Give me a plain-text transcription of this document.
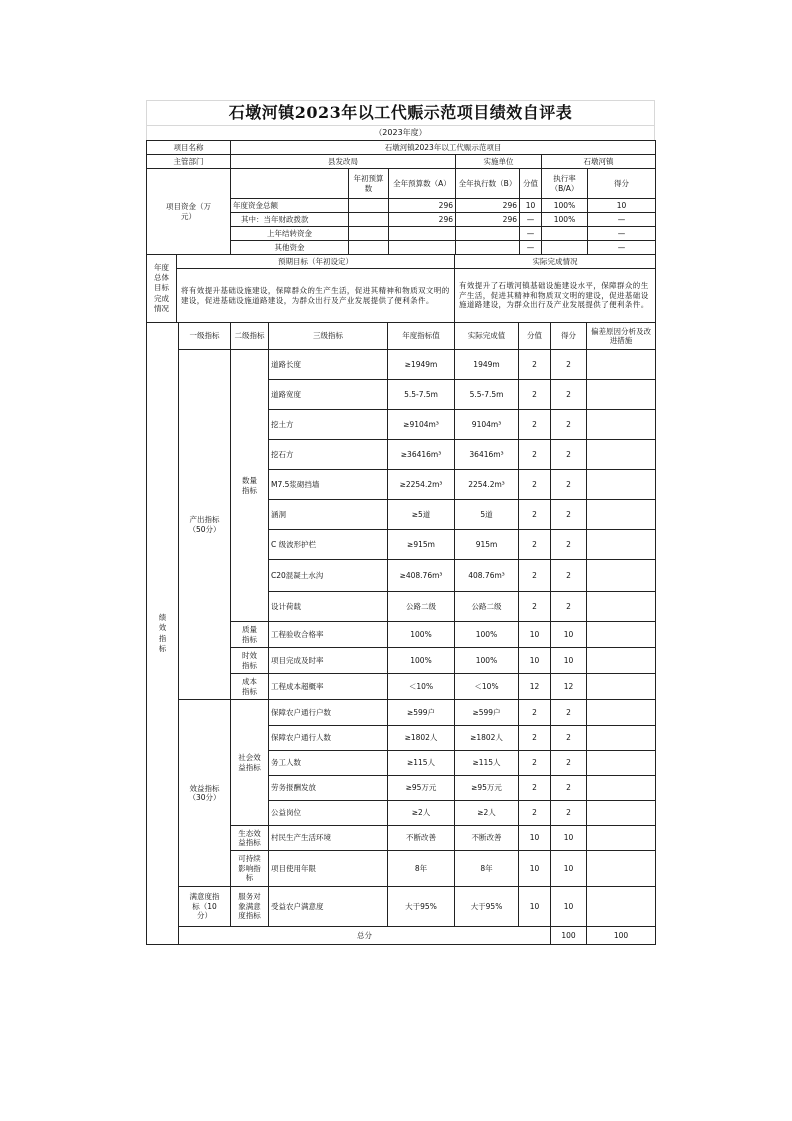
石墩河镇2023年以工代赈示范项目绩效自评表
（2023年度）
项目名称	石墩河镇2023年以工代赈示范项目						
主管部门	县发改局			实施单位		石墩河镇	
项目资金（万元）		年初预算数	全年预算数（A）	全年执行数（B）	分值	执行率（B/A）	得分
	年度资金总额		296	296	10	100%	10
	其中：当年财政拨款		296	296	—	100%	—
	上年结转资金				—		—
	其他资金				—		—
年度总体目标完成情况	预期目标（年初设定）	实际完成情况
	将有效提升基础设施建设，保障群众的生产生活，促进其精神和物质双文明的建设，促进基础设施道路建设，为群众出行及产业发展提供了便利条件。	有效提升了石墩河镇基础设施建设水平，保障群众的生产生活，促进其精神和物质双文明的建设，促进基础设施道路建设，为群众出行及产业发展提供了便利条件。
绩效指标	一级指标	二级指标	三级指标	年度指标值	实际完成值	分值	得分	偏差原因分析及改进措施	
	产出指标（50分）	数量指标	道路长度	≥1949m	1949m	2	2		
			道路宽度	5.5-7.5m	5.5-7.5m	2	2		
			挖土方	≥9104m³	9104m³	2	2		
			挖石方	≥36416m³	36416m³	2	2		
			M7.5浆砌挡墙	≥2254.2m³	2254.2m³	2	2		
			涵洞	≥5道	5道	2	2		
			C 级波形护栏	≥915m	915m	2	2		
			C20混凝土水沟	≥408.76m³	408.76m³	2	2		
			设计荷载	公路二级	公路二级	2	2		
		质量指标	工程验收合格率	100%	100%	10	10		
		时效指标	项目完成及时率	100%	100%	10	10		
		成本指标	工程成本超概率	＜10%	＜10%	12	12		
	效益指标（30分）	社会效益指标	保障农户通行户数	≥599户	≥599户	2	2		
			保障农户通行人数	≥1802人	≥1802人	2	2		
			务工人数	≥115人	≥115人	2	2		
			劳务报酬发放	≥95万元	≥95万元	2	2		
			公益岗位	≥2人	≥2人	2	2		
		生态效益指标	村民生产生活环境	不断改善	不断改善	10	10		
		可持续影响指标	项目使用年限	8年	8年	10	10		
	满意度指标（10分）	服务对象满意度指标	受益农户满意度	大于95%	大于95%	10	10		
	总分						100	100	
